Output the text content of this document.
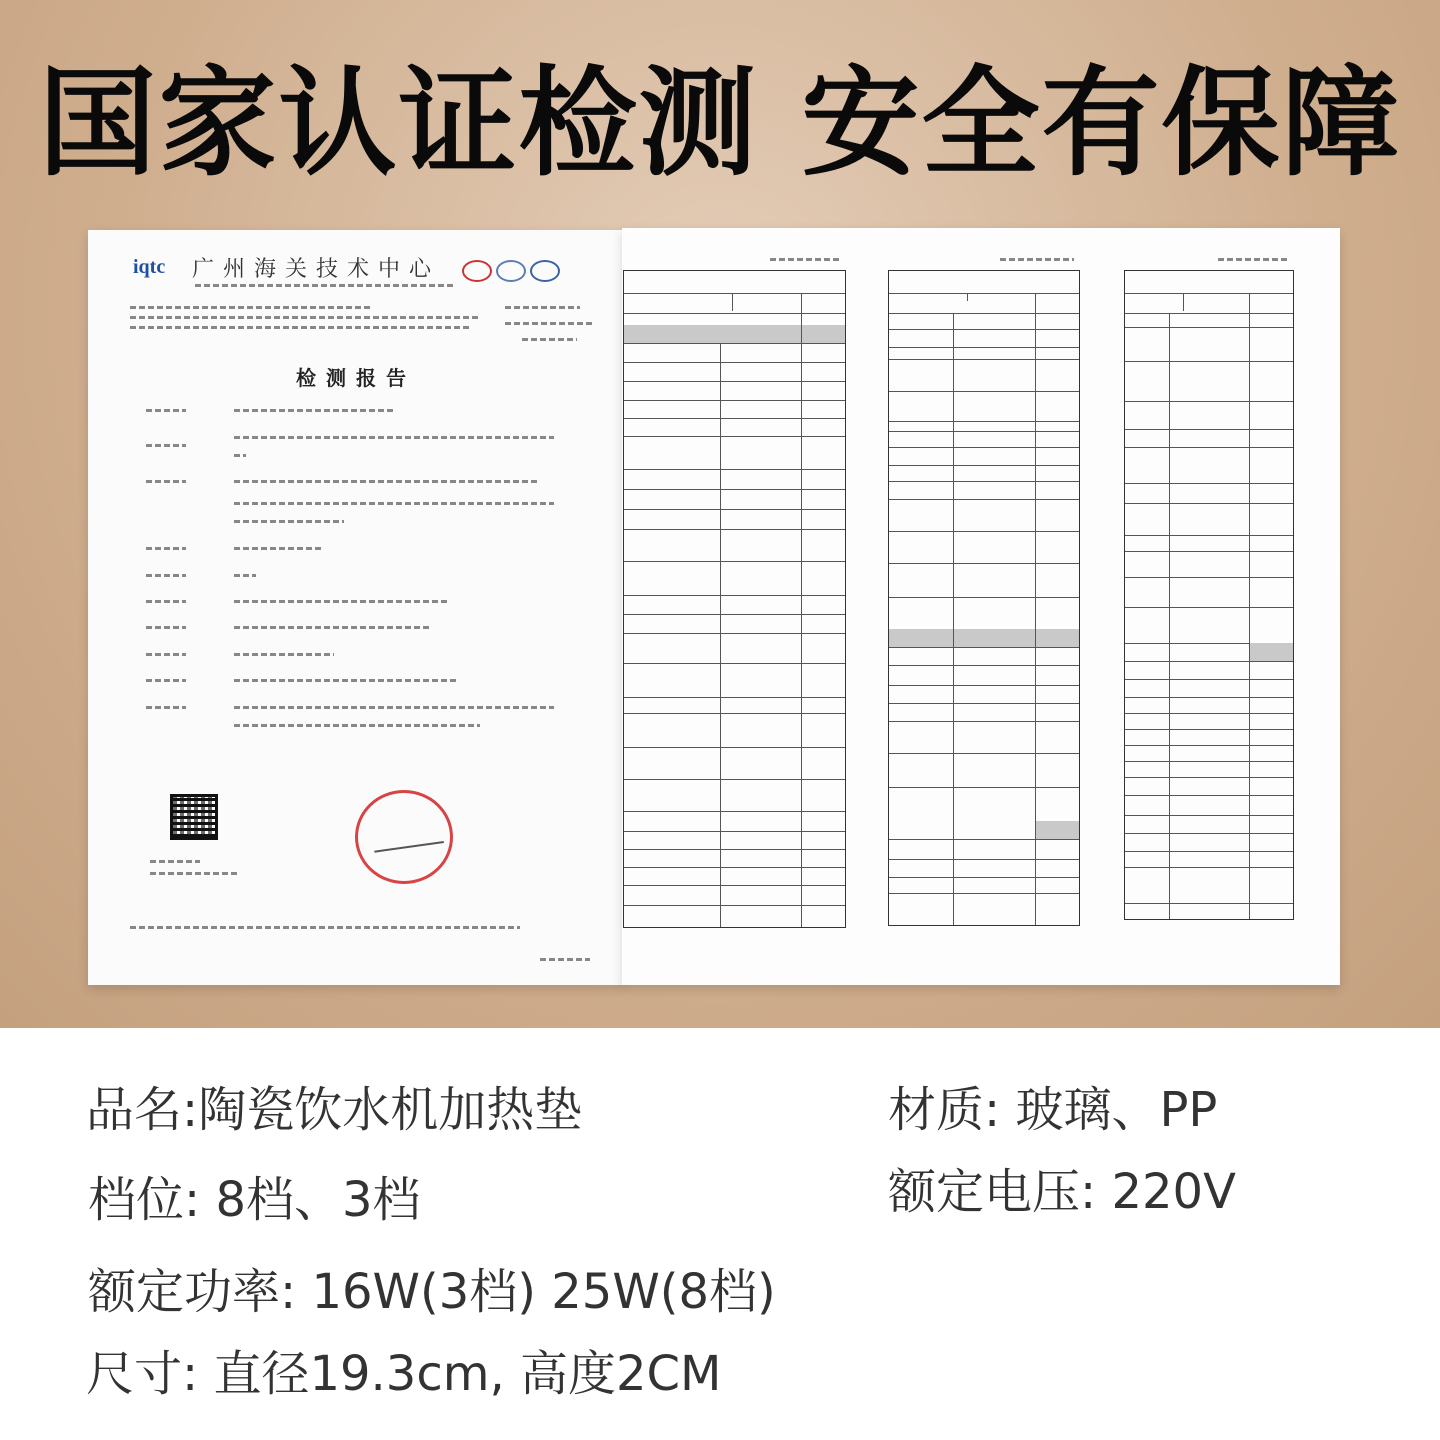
国家认证检测 安全有保障
iqtc 广州海关技术中心
检测报告
品名:陶瓷饮水机加热垫
档位: 8档、3档
额定功率: 16W(3档) 25W(8档)
尺寸: 直径19.3cm, 高度2CM
材质: 玻璃、PP
额定电压: 220V
